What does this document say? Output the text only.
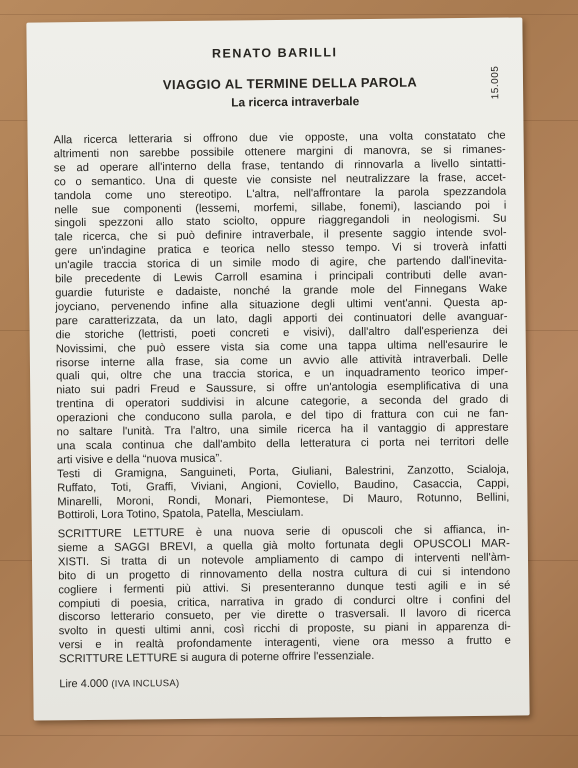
RENATO BARILLI
15.005
VIAGGIO AL TERMINE DELLA PAROLA
La ricerca intraverbale
Alla ricerca letteraria si offrono due vie opposte, una volta constatato che
altrimenti non sarebbe possibile ottenere margini di manovra, se si rimanes-
se ad operare all'interno della frase, tentando di rinnovarla a livello sintatti-
co o semantico. Una di queste vie consiste nel neutralizzare la frase, accet-
tandola come uno stereotipo. L'altra, nell'affrontare la parola spezzandola
nelle sue componenti (lessemi, morfemi, sillabe, fonemi), lasciando poi i
singoli spezzoni allo stato sciolto, oppure riaggregandoli in neologismi. Su
tale ricerca, che si può definire intraverbale, il presente saggio intende svol-
gere un'indagine pratica e teorica nello stesso tempo. Vi si troverà infatti
un'agile traccia storica di un simile modo di agire, che partendo dall'inevita-
bile precedente di Lewis Carroll esamina i principali contributi delle avan-
guardie futuriste e dadaiste, nonché la grande mole del Finnegans Wake
joyciano, pervenendo infine alla situazione degli ultimi vent'anni. Questa ap-
pare caratterizzata, da un lato, dagli apporti dei continuatori delle avanguar-
die storiche (lettristi, poeti concreti e visivi), dall'altro dall'esperienza dei
Novissimi, che può essere vista sia come una tappa ultima nell'esaurire le
risorse interne alla frase, sia come un avvio alle attività intraverbali. Delle
quali qui, oltre che una traccia storica, e un inquadramento teorico imper-
niato sui padri Freud e Saussure, si offre un'antologia esemplificativa di una
trentina di operatori suddivisi in alcune categorie, a seconda del grado di
operazioni che conducono sulla parola, e del tipo di frattura con cui ne fan-
no saltare l'unità. Tra l'altro, una simile ricerca ha il vantaggio di apprestare
una scala continua che dall'ambito della letteratura ci porta nei territori delle
arti visive e della “nuova musica”.
Testi di Gramigna, Sanguineti, Porta, Giuliani, Balestrini, Zanzotto, Scialoja,
Ruffato, Toti, Graffi, Viviani, Angioni, Coviello, Baudino, Casaccia, Cappi,
Minarelli, Moroni, Rondi, Monari, Piemontese, Di Mauro, Rotunno, Bellini,
Bottiroli, Lora Totino, Spatola, Patella, Mesciulam.
SCRITTURE LETTURE è una nuova serie di opuscoli che si affianca, in-
sieme a SAGGI BREVI, a quella già molto fortunata degli OPUSCOLI MAR-
XISTI. Si tratta di un notevole ampliamento di campo di interventi nell'àm-
bito di un progetto di rinnovamento della nostra cultura di cui si intendono
cogliere i fermenti più attivi. Si presenteranno dunque testi agili e in sé
compiuti di poesia, critica, narrativa in grado di condurci oltre i confini del
discorso letterario consueto, per vie dirette o trasversali. Il lavoro di ricerca
svolto in questi ultimi anni, così ricchi di proposte, su piani in apparenza di-
versi e in realtà profondamente interagenti, viene ora messo a frutto e
SCRITTURE LETTURE si augura di poterne offrire l'essenziale.
Lire 4.000 (IVA INCLUSA)
